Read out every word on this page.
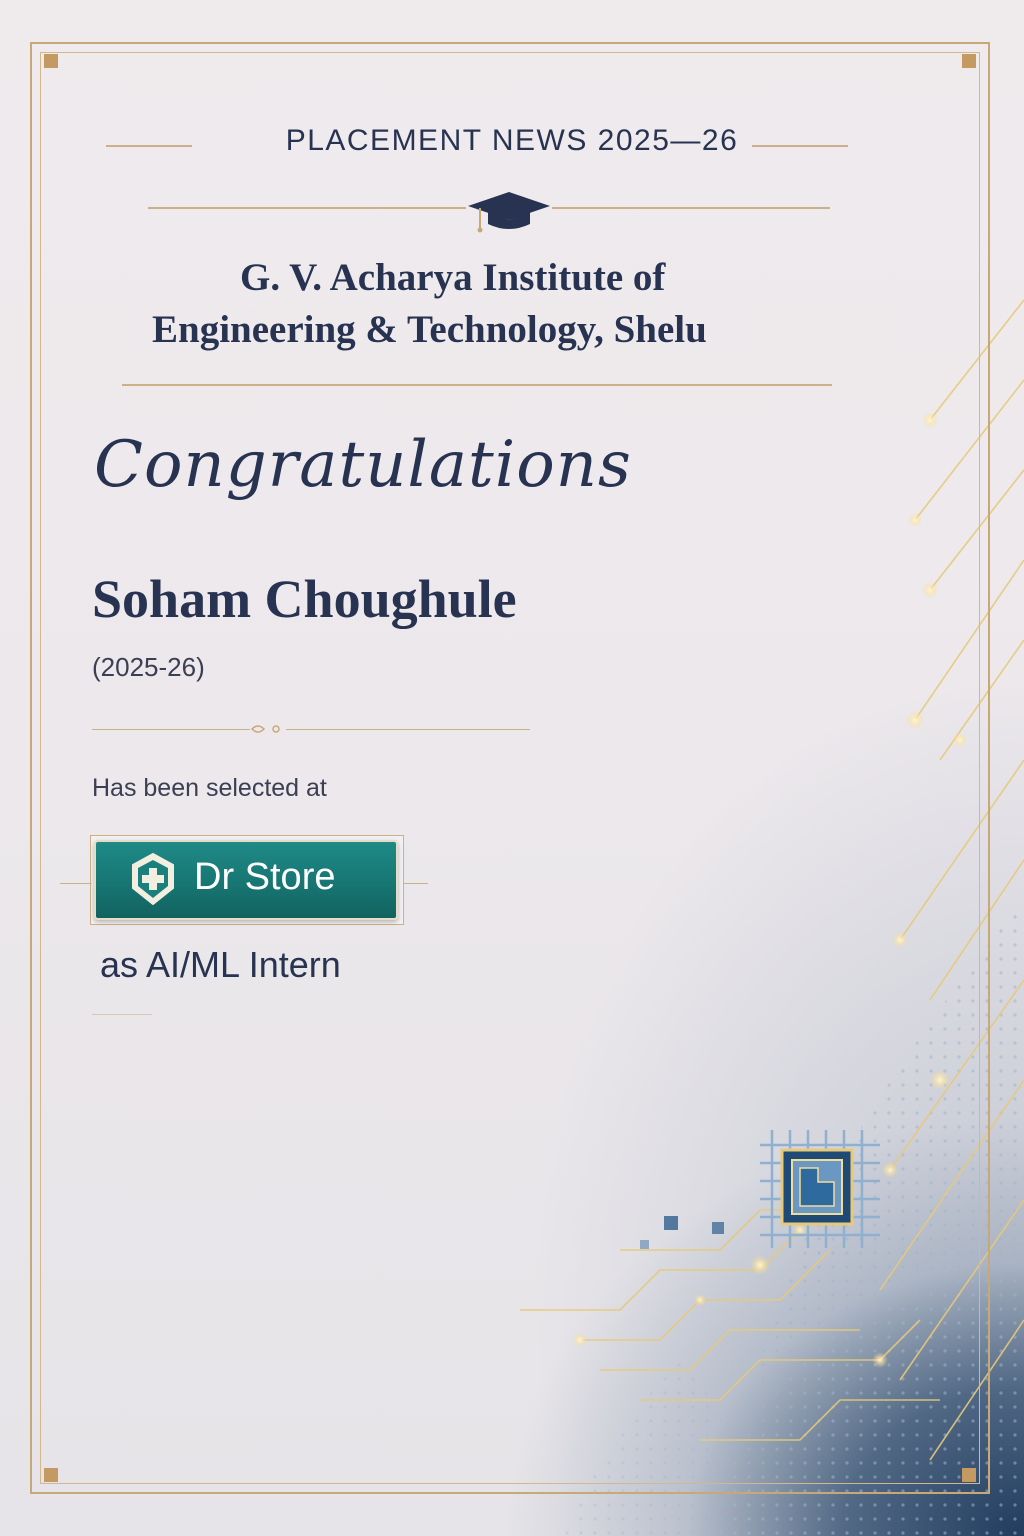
PLACEMENT NEWS 2025—26
G. V. Acharya Institute of
Engineering & Technology, Shelu
Congratulations
Soham Choughule
(2025-26)
Has been selected at
Dr Store
as AI/ML Intern
